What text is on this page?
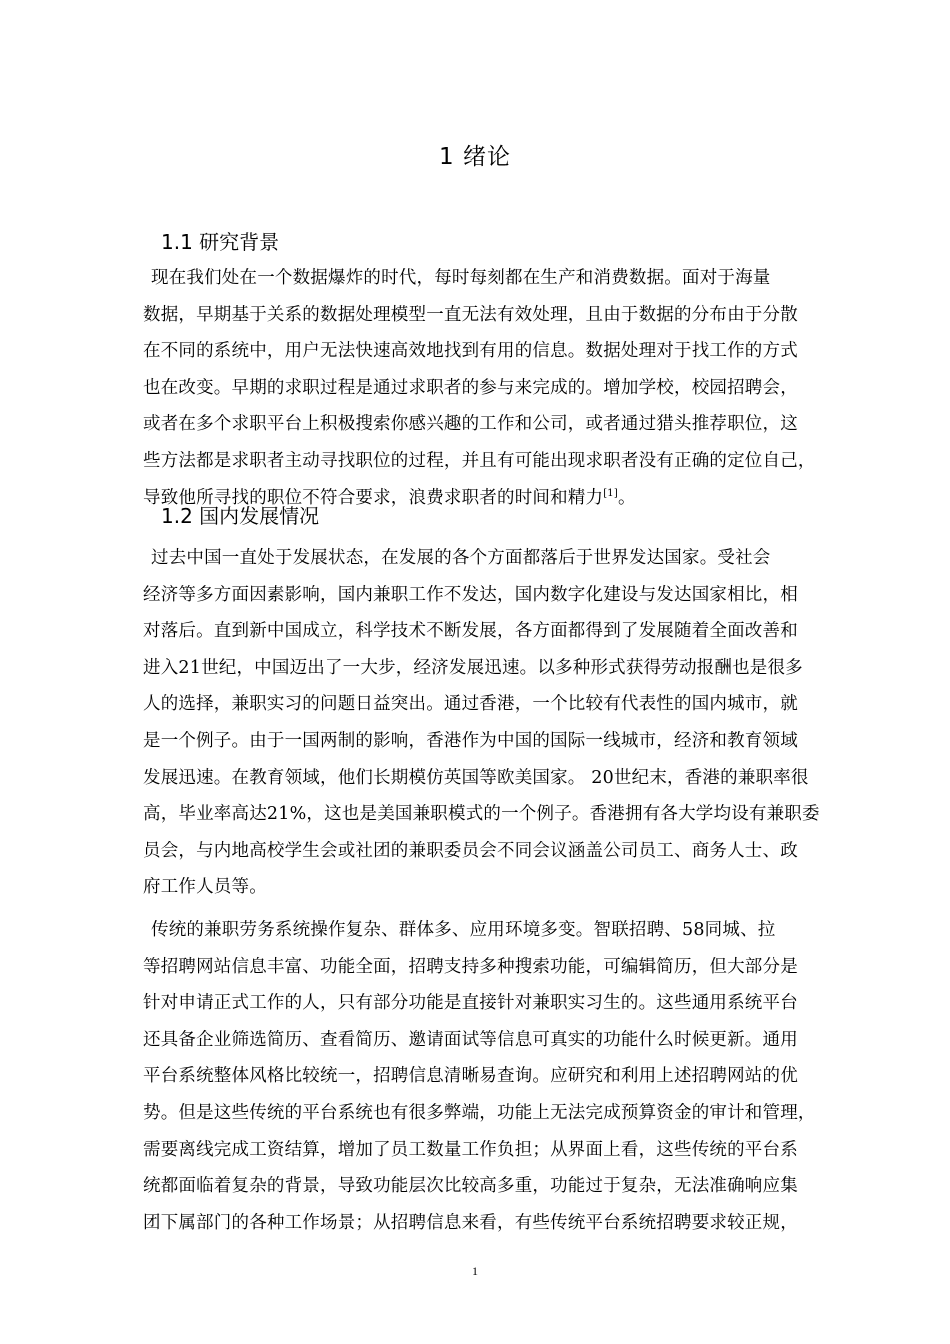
1 绪论
1.1 研究背景
现在我们处在一个数据爆炸的时代，每时每刻都在生产和消费数据。面对于海量
数据，早期基于关系的数据处理模型一直无法有效处理，且由于数据的分布由于分散
在不同的系统中，用户无法快速高效地找到有用的信息。数据处理对于找工作的方式
也在改变。早期的求职过程是通过求职者的参与来完成的。增加学校，校园招聘会，
或者在多个求职平台上积极搜索你感兴趣的工作和公司，或者通过猎头推荐职位，这
些方法都是求职者主动寻找职位的过程，并且有可能出现求职者没有正确的定位自己，
导致他所寻找的职位不符合要求，浪费求职者的时间和精力[1]。
1.2 国内发展情况
过去中国一直处于发展状态，在发展的各个方面都落后于世界发达国家。受社会
经济等多方面因素影响，国内兼职工作不发达，国内数字化建设与发达国家相比，相
对落后。直到新中国成立，科学技术不断发展，各方面都得到了发展随着全面改善和
进入21世纪，中国迈出了一大步，经济发展迅速。以多种形式获得劳动报酬也是很多
人的选择，兼职实习的问题日益突出。通过香港，一个比较有代表性的国内城市，就
是一个例子。由于一国两制的影响，香港作为中国的国际一线城市，经济和教育领域
发展迅速。在教育领域，他们长期模仿英国等欧美国家。 20世纪末，香港的兼职率很
高，毕业率高达21%，这也是美国兼职模式的一个例子。香港拥有各大学均设有兼职委
员会，与内地高校学生会或社团的兼职委员会不同会议涵盖公司员工、商务人士、政
府工作人员等。
传统的兼职劳务系统操作复杂、群体多、应用环境多变。智联招聘、58同城、拉
等招聘网站信息丰富、功能全面，招聘支持多种搜索功能，可编辑简历，但大部分是
针对申请正式工作的人，只有部分功能是直接针对兼职实习生的。这些通用系统平台
还具备企业筛选简历、查看简历、邀请面试等信息可真实的功能什么时候更新。通用
平台系统整体风格比较统一，招聘信息清晰易查询。应研究和利用上述招聘网站的优
势。但是这些传统的平台系统也有很多弊端，功能上无法完成预算资金的审计和管理，
需要离线完成工资结算，增加了员工数量工作负担；从界面上看，这些传统的平台系
统都面临着复杂的背景，导致功能层次比较高多重，功能过于复杂，无法准确响应集
团下属部门的各种工作场景；从招聘信息来看，有些传统平台系统招聘要求较正规，
1
